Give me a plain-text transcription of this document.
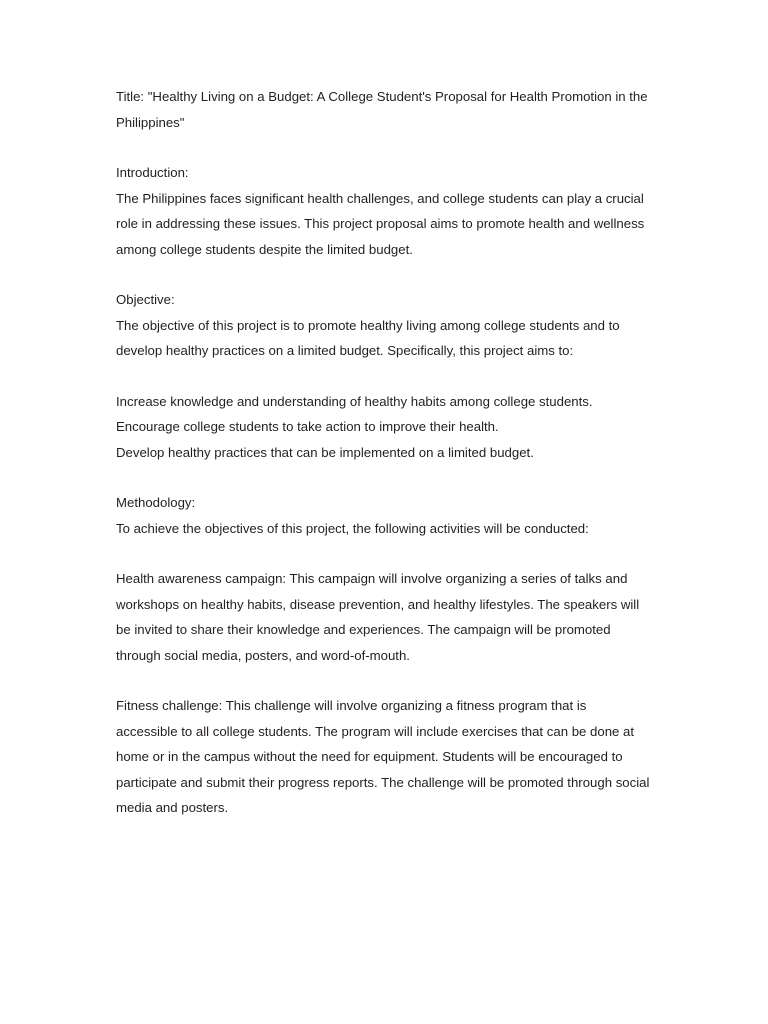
Title: "Healthy Living on a Budget: A College Student's Proposal for Health Promotion in the Philippines"

Introduction:
The Philippines faces significant health challenges, and college students can play a crucial role in addressing these issues. This project proposal aims to promote health and wellness among college students despite the limited budget.

Objective:
The objective of this project is to promote healthy living among college students and to develop healthy practices on a limited budget. Specifically, this project aims to:

Increase knowledge and understanding of healthy habits among college students.
Encourage college students to take action to improve their health.
Develop healthy practices that can be implemented on a limited budget.

Methodology:
To achieve the objectives of this project, the following activities will be conducted:

Health awareness campaign: This campaign will involve organizing a series of talks and workshops on healthy habits, disease prevention, and healthy lifestyles. The speakers will be invited to share their knowledge and experiences. The campaign will be promoted through social media, posters, and word-of-mouth.

Fitness challenge: This challenge will involve organizing a fitness program that is accessible to all college students. The program will include exercises that can be done at home or in the campus without the need for equipment. Students will be encouraged to participate and submit their progress reports. The challenge will be promoted through social media and posters.
